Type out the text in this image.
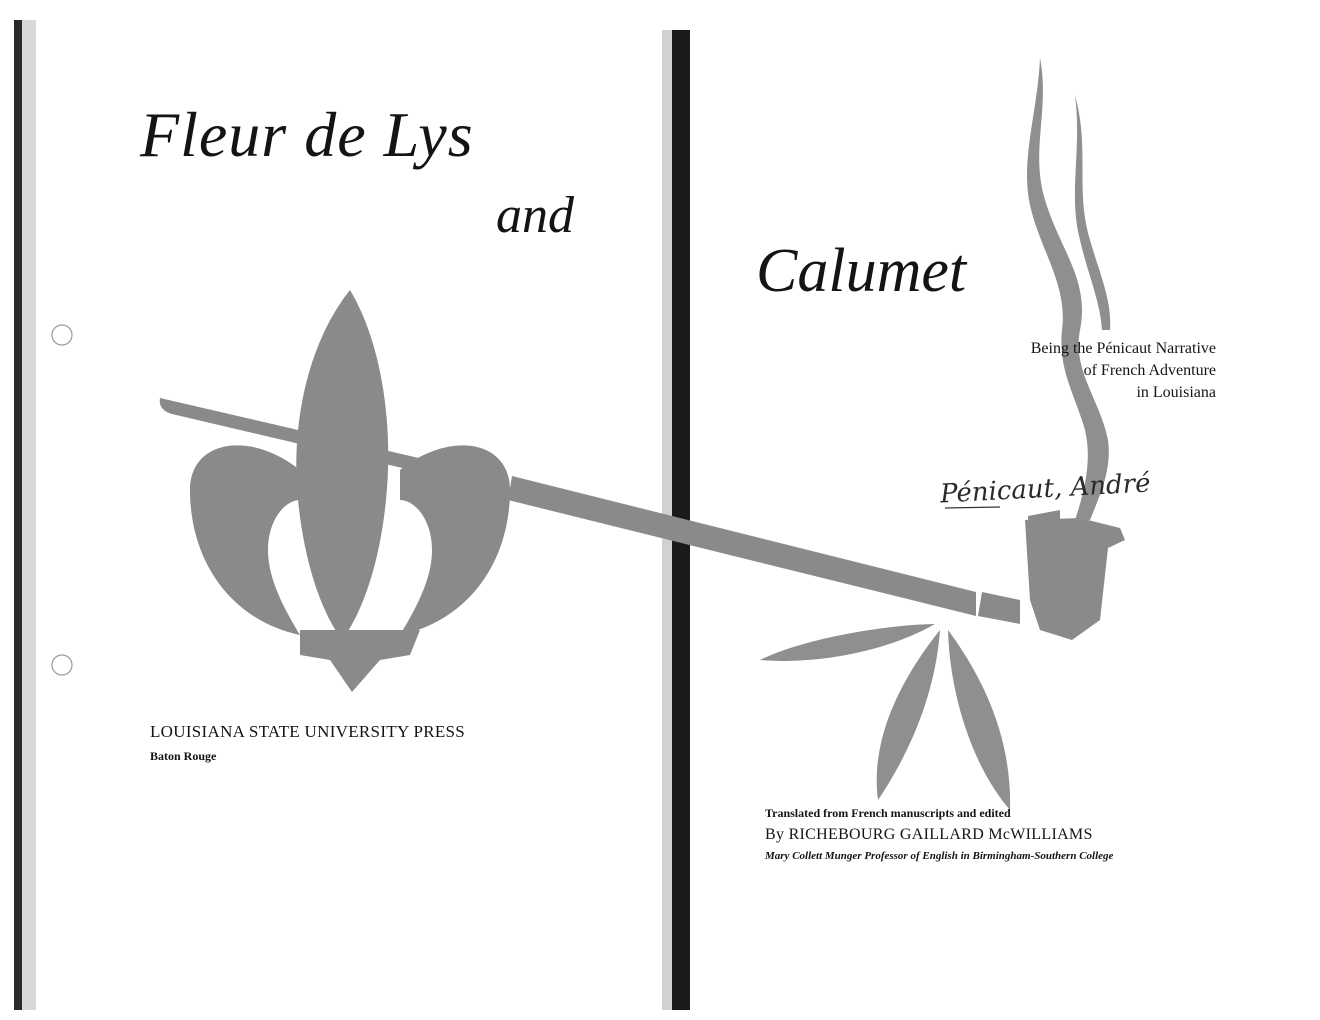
Fleur de Lys
and
LOUISIANA STATE UNIVERSITY PRESS
Baton Rouge
Calumet
Being the Pénicaut Narrative
of French Adventure
in Louisiana
Pénicaut, André
Translated from French manuscripts and edited
By RICHEBOURG GAILLARD McWILLIAMS
Mary Collett Munger Professor of English in Birmingham-Southern College
